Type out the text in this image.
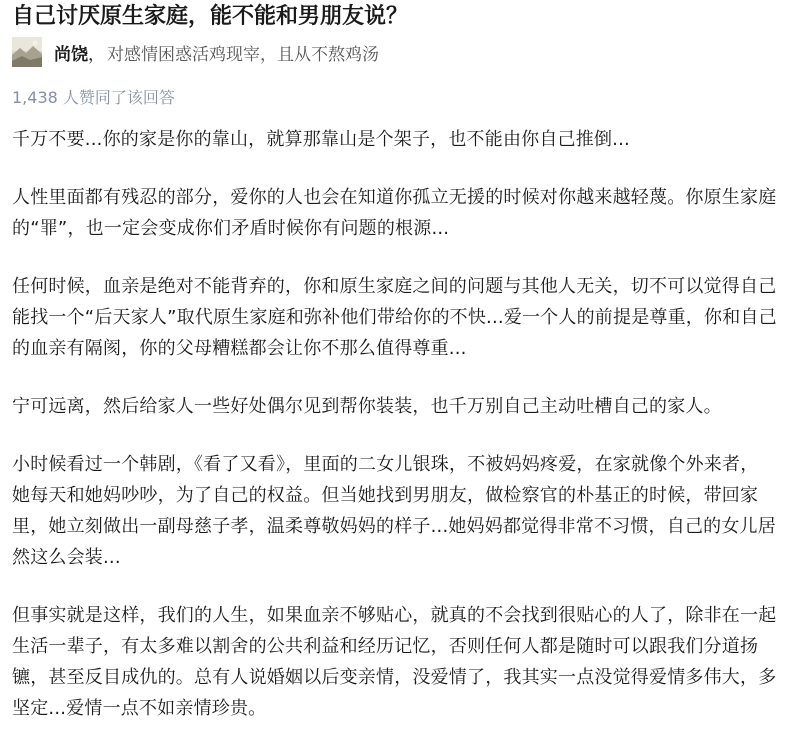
自己讨厌原生家庭，能不能和男朋友说？
尚饶 ， 对感情困惑活鸡现宰，且从不熬鸡汤
1,438 人赞同了该回答

千万不要...你的家是你的靠山，就算那靠山是个架子，也不能由你自己推倒...

人性里面都有残忍的部分，爱你的人也会在知道你孤立无援的时候对你越来越轻蔑。你原生家庭
的“罪”，也一定会变成你们矛盾时候你有问题的根源...

任何时候，血亲是绝对不能背弃的，你和原生家庭之间的问题与其他人无关，切不可以觉得自己
能找一个“后天家人”取代原生家庭和弥补他们带给你的不快...爱一个人的前提是尊重，你和自己
的血亲有隔阂，你的父母糟糕都会让你不那么值得尊重...

宁可远离，然后给家人一些好处偶尔见到帮你装装，也千万别自己主动吐槽自己的家人。

小时候看过一个韩剧，《看了又看》，里面的二女儿银珠，不被妈妈疼爱，在家就像个外来者，
她每天和她妈吵吵，为了自己的权益。但当她找到男朋友，做检察官的朴基正的时候，带回家
里，她立刻做出一副母慈子孝，温柔尊敬妈妈的样子...她妈妈都觉得非常不习惯，自己的女儿居
然这么会装...

但事实就是这样，我们的人生，如果血亲不够贴心，就真的不会找到很贴心的人了，除非在一起
生活一辈子，有太多难以割舍的公共利益和经历记忆，否则任何人都是随时可以跟我们分道扬
镳，甚至反目成仇的。总有人说婚姻以后变亲情，没爱情了，我其实一点没觉得爱情多伟大，多
坚定...爱情一点不如亲情珍贵。
